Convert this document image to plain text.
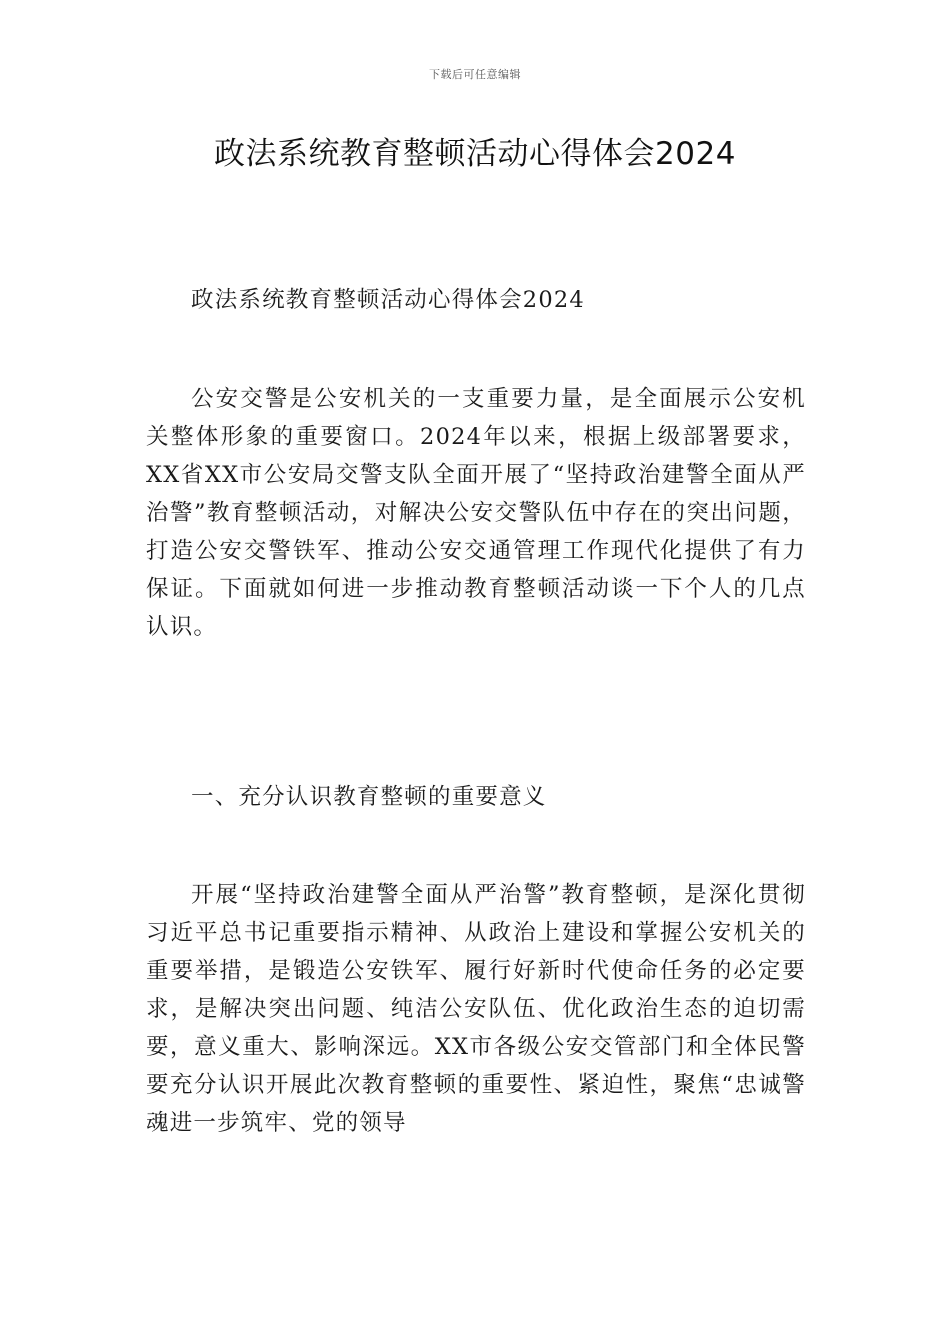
下载后可任意编辑
政法系统教育整顿活动心得体会2024

政法系统教育整顿活动心得体会2024

公安交警是公安机关的一支重要力量，是全面展示公安机关整体形象的重要窗口。2024年以来，根据上级部署要求，XX省XX市公安局交警支队全面开展了“坚持政治建警全面从严治警”教育整顿活动，对解决公安交警队伍中存在的突出问题，打造公安交警铁军、推动公安交通管理工作现代化提供了有力保证。下面就如何进一步推动教育整顿活动谈一下个人的几点认识。

一、充分认识教育整顿的重要意义

开展“坚持政治建警全面从严治警”教育整顿，是深化贯彻习近平总书记重要指示精神、从政治上建设和掌握公安机关的重要举措，是锻造公安铁军、履行好新时代使命任务的必定要求，是解决突出问题、纯洁公安队伍、优化政治生态的迫切需要，意义重大、影响深远。XX市各级公安交管部门和全体民警要充分认识开展此次教育整顿的重要性、紧迫性，聚焦“忠诚警魂进一步筑牢、党的领导
